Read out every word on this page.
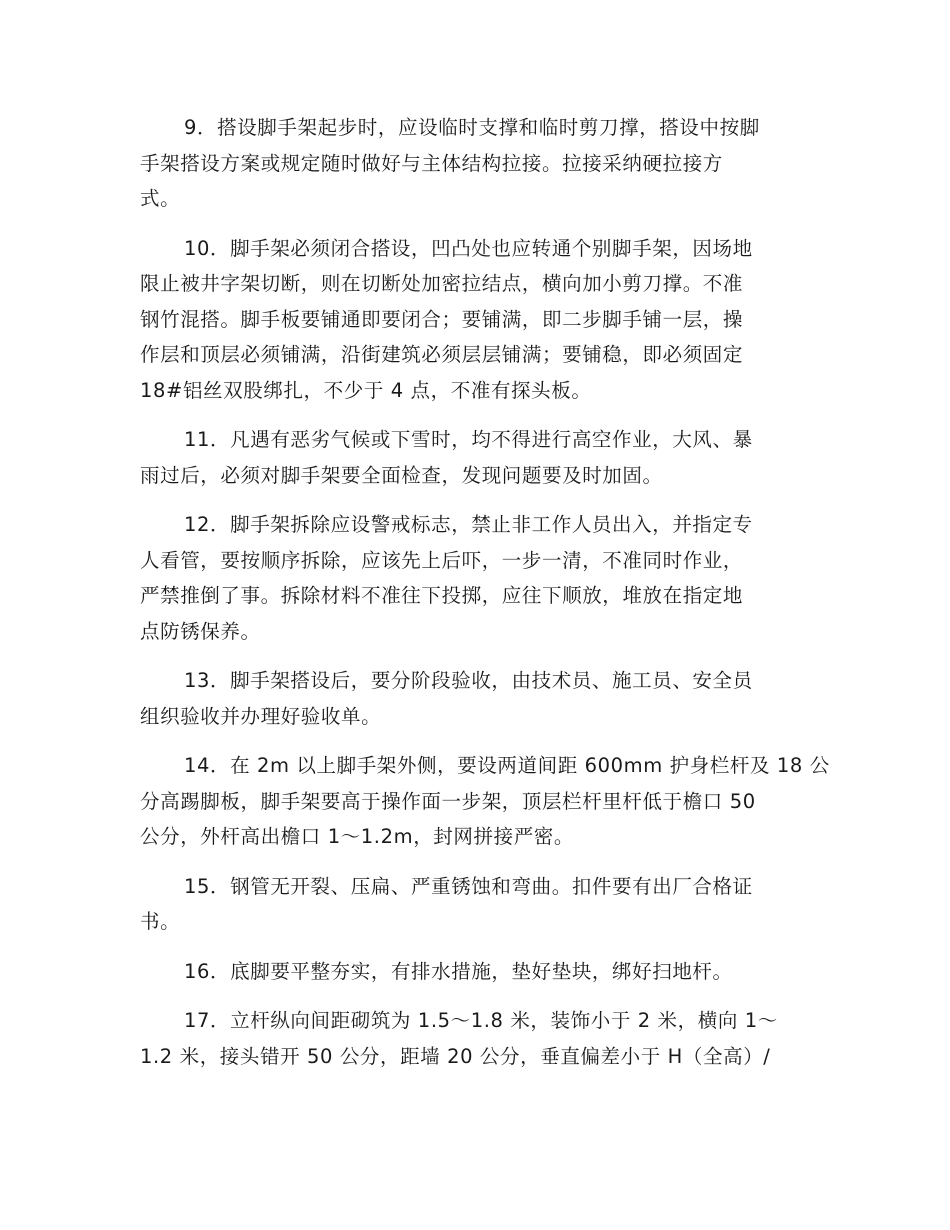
9．搭设脚手架起步时，应设临时支撑和临时剪刀撑，搭设中按脚
手架搭设方案或规定随时做好与主体结构拉接。拉接采纳硬拉接方
式。

10．脚手架必须闭合搭设，凹凸处也应转通个别脚手架，因场地
限止被井字架切断，则在切断处加密拉结点，横向加小剪刀撑。不准
钢竹混搭。脚手板要铺通即要闭合；要铺满，即二步脚手铺一层，操
作层和顶层必须铺满，沿街建筑必须层层铺满；要铺稳，即必须固定
18#铝丝双股绑扎，不少于 4 点，不准有探头板。

11．凡遇有恶劣气候或下雪时，均不得进行高空作业，大风、暴
雨过后，必须对脚手架要全面检查，发现问题要及时加固。

12．脚手架拆除应设警戒标志，禁止非工作人员出入，并指定专
人看管，要按顺序拆除，应该先上后吓，一步一清，不准同时作业，
严禁推倒了事。拆除材料不准往下投掷，应往下顺放，堆放在指定地
点防锈保养。

13．脚手架搭设后，要分阶段验收，由技术员、施工员、安全员
组织验收并办理好验收单。

14．在 2m 以上脚手架外侧，要设两道间距 600mm 护身栏杆及 18 公
分高踢脚板，脚手架要高于操作面一步架，顶层栏杆里杆低于檐口 50
公分，外杆高出檐口 1～1.2m，封网拼接严密。

15．钢管无开裂、压扁、严重锈蚀和弯曲。扣件要有出厂合格证
书。

16．底脚要平整夯实，有排水措施，垫好垫块，绑好扫地杆。

17．立杆纵向间距砌筑为 1.5～1.8 米，装饰小于 2 米，横向 1～
1.2 米，接头错开 50 公分，距墙 20 公分，垂直偏差小于 H（全高）/
